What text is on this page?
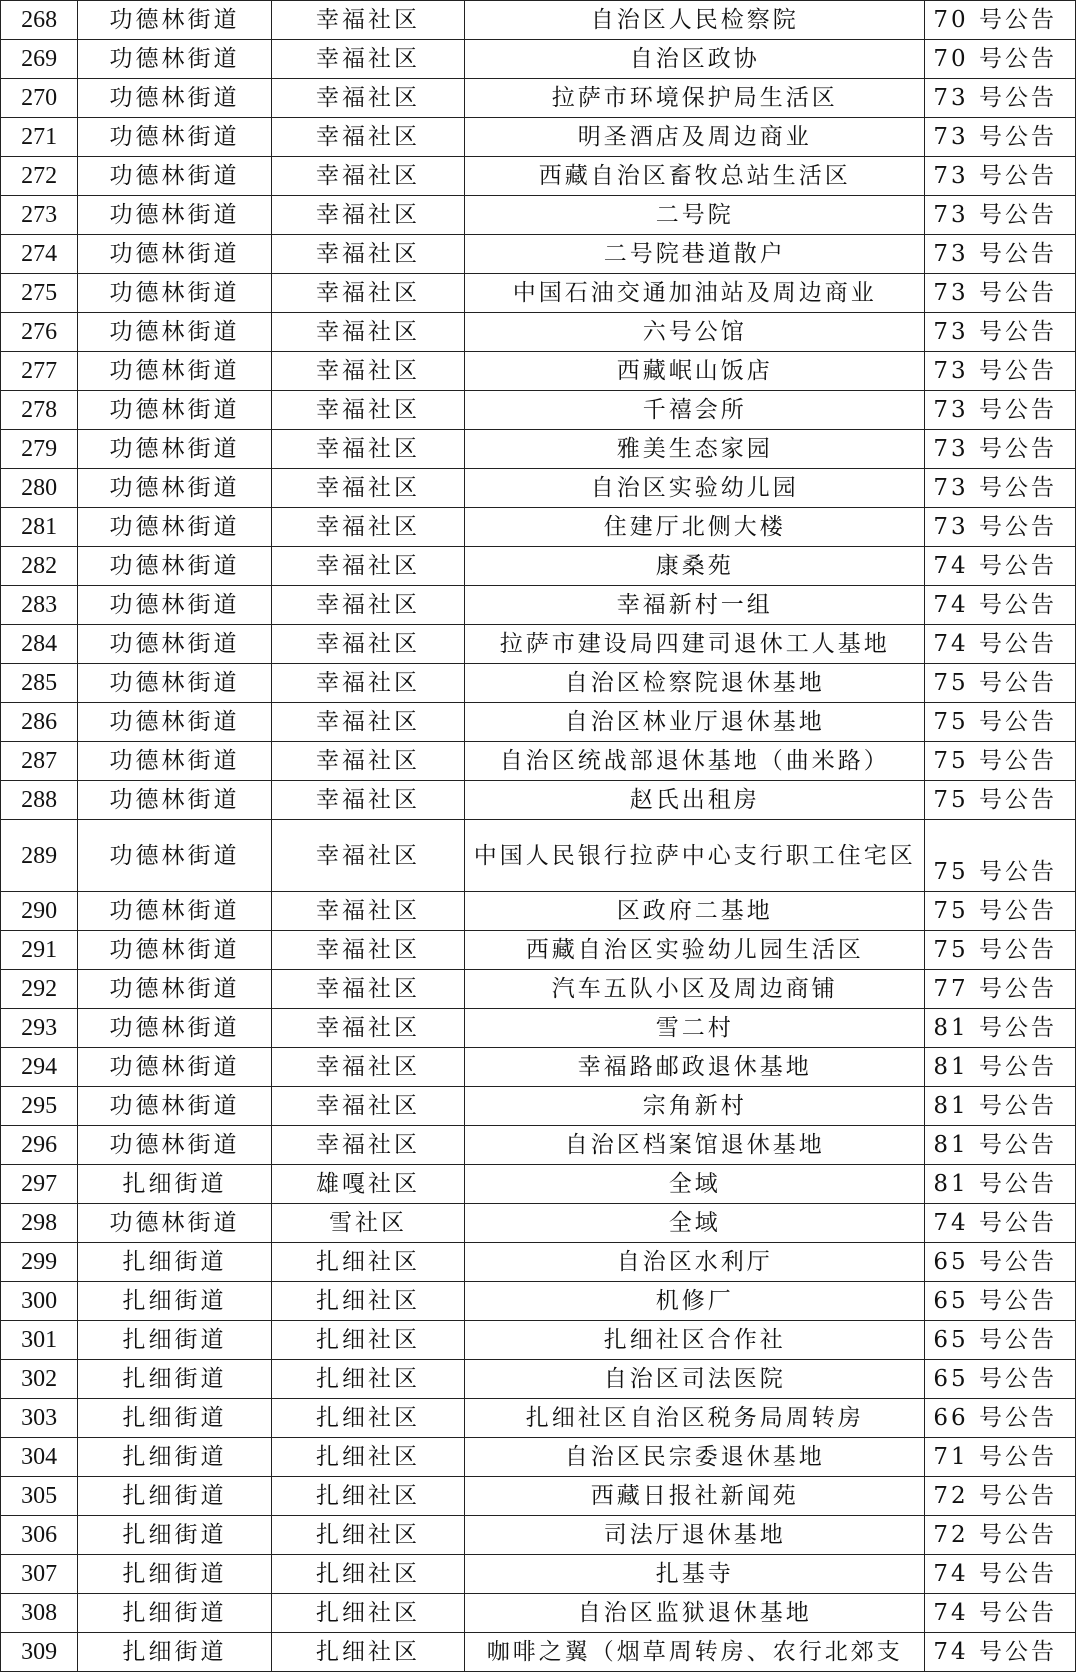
268	功德林街道	幸福社区	自治区人民检察院	70 号公告
269	功德林街道	幸福社区	自治区政协	70 号公告
270	功德林街道	幸福社区	拉萨市环境保护局生活区	73 号公告
271	功德林街道	幸福社区	明圣酒店及周边商业	73 号公告
272	功德林街道	幸福社区	西藏自治区畜牧总站生活区	73 号公告
273	功德林街道	幸福社区	二号院	73 号公告
274	功德林街道	幸福社区	二号院巷道散户	73 号公告
275	功德林街道	幸福社区	中国石油交通加油站及周边商业	73 号公告
276	功德林街道	幸福社区	六号公馆	73 号公告
277	功德林街道	幸福社区	西藏岷山饭店	73 号公告
278	功德林街道	幸福社区	千禧会所	73 号公告
279	功德林街道	幸福社区	雅美生态家园	73 号公告
280	功德林街道	幸福社区	自治区实验幼儿园	73 号公告
281	功德林街道	幸福社区	住建厅北侧大楼	73 号公告
282	功德林街道	幸福社区	康桑苑	74 号公告
283	功德林街道	幸福社区	幸福新村一组	74 号公告
284	功德林街道	幸福社区	拉萨市建设局四建司退休工人基地	74 号公告
285	功德林街道	幸福社区	自治区检察院退休基地	75 号公告
286	功德林街道	幸福社区	自治区林业厅退休基地	75 号公告
287	功德林街道	幸福社区	自治区统战部退休基地（曲米路）	75 号公告
288	功德林街道	幸福社区	赵氏出租房	75 号公告
289	功德林街道	幸福社区	中国人民银行拉萨中心支行职工住宅区	75 号公告
290	功德林街道	幸福社区	区政府二基地	75 号公告
291	功德林街道	幸福社区	西藏自治区实验幼儿园生活区	75 号公告
292	功德林街道	幸福社区	汽车五队小区及周边商铺	77 号公告
293	功德林街道	幸福社区	雪二村	81 号公告
294	功德林街道	幸福社区	幸福路邮政退休基地	81 号公告
295	功德林街道	幸福社区	宗角新村	81 号公告
296	功德林街道	幸福社区	自治区档案馆退休基地	81 号公告
297	扎细街道	雄嘎社区	全域	81 号公告
298	功德林街道	雪社区	全域	74 号公告
299	扎细街道	扎细社区	自治区水利厅	65 号公告
300	扎细街道	扎细社区	机修厂	65 号公告
301	扎细街道	扎细社区	扎细社区合作社	65 号公告
302	扎细街道	扎细社区	自治区司法医院	65 号公告
303	扎细街道	扎细社区	扎细社区自治区税务局周转房	66 号公告
304	扎细街道	扎细社区	自治区民宗委退休基地	71 号公告
305	扎细街道	扎细社区	西藏日报社新闻苑	72 号公告
306	扎细街道	扎细社区	司法厅退休基地	72 号公告
307	扎细街道	扎细社区	扎基寺	74 号公告
308	扎细街道	扎细社区	自治区监狱退休基地	74 号公告
309	扎细街道	扎细社区	咖啡之翼（烟草周转房、农行北郊支	74 号公告
